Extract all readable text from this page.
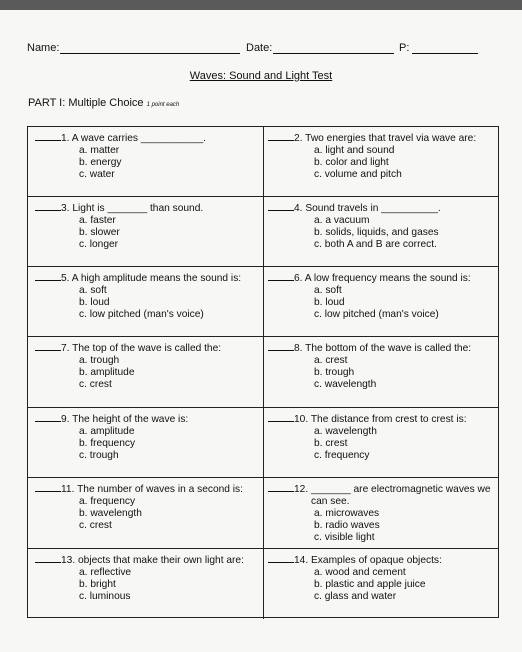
Name:	Date:	P:
Waves: Sound and Light Test
PART I: Multiple Choice 1 point each
1. A wave carries ___________.
a. matter
b. energy
c. water
2. Two energies that travel via wave are:
a. light and sound
b. color and light
c. volume and pitch
3. Light is _______ than sound.
a. faster
b. slower
c. longer
4. Sound travels in __________.
a. a vacuum
b. solids, liquids, and gases
c. both A and B are correct.
5. A high amplitude means the sound is:
a. soft
b. loud
c. low pitched (man's voice)
6. A low frequency means the sound is:
a. soft
b. loud
c. low pitched (man's voice)
7. The top of the wave is called the:
a. trough
b. amplitude
c. crest
8. The bottom of the wave is called the:
a. crest
b. trough
c. wavelength
9. The height of the wave is:
a. amplitude
b. frequency
c. trough
10. The distance from crest to crest is:
a. wavelength
b. crest
c. frequency
11. The number of waves in a second is:
a. frequency
b. wavelength
c. crest
12. _______ are electromagnetic waves we
can see.
a. microwaves
b. radio waves
c. visible light
13. objects that make their own light are:
a. reflective
b. bright
c. luminous
14. Examples of opaque objects:
a. wood and cement
b. plastic and apple juice
c. glass and water
